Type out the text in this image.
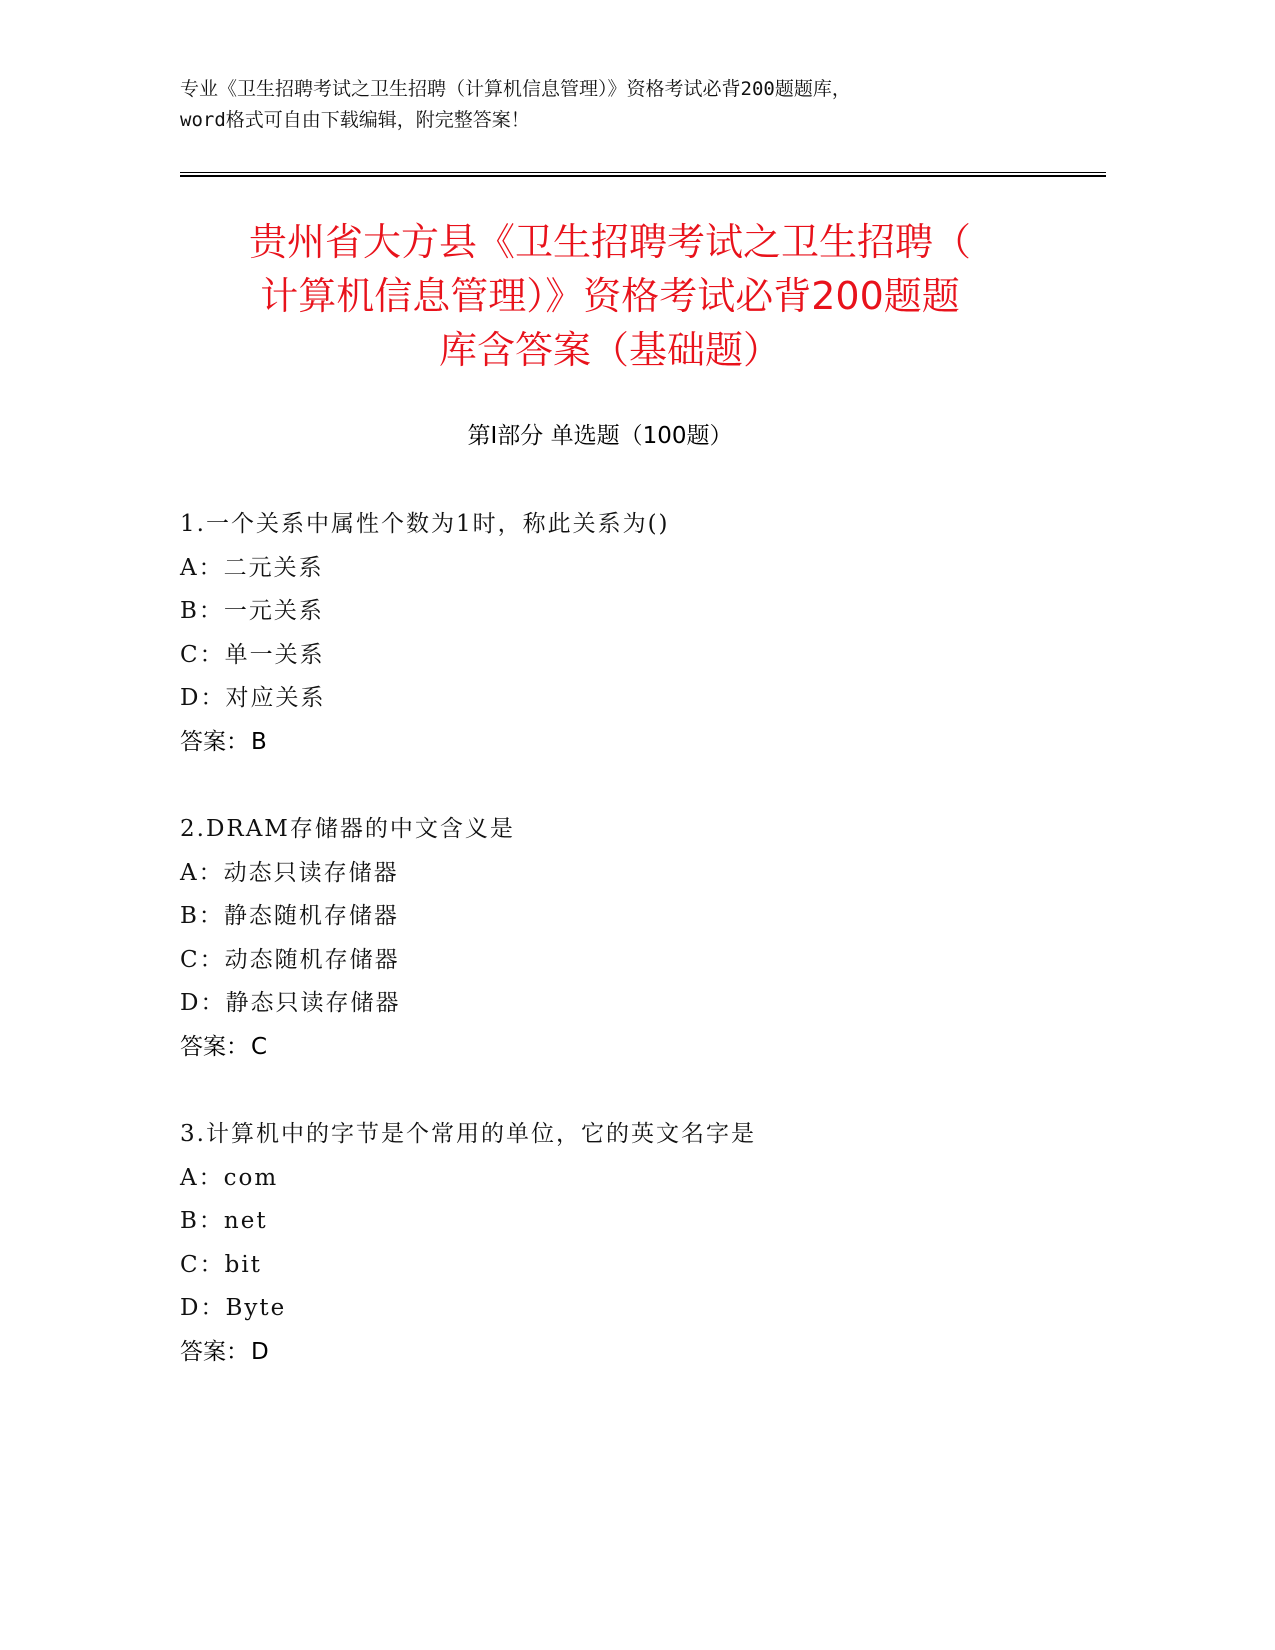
专业《卫生招聘考试之卫生招聘（计算机信息管理）》资格考试必背200题题库，
word格式可自由下载编辑，附完整答案！
贵州省大方县《卫生招聘考试之卫生招聘（
计算机信息管理）》资格考试必背200题题
库含答案（基础题）
第I部分 单选题（100题）
1.一个关系中属性个数为1时，称此关系为()
A：二元关系
B：一元关系
C：单一关系
D：对应关系
答案：B
2.DRAM存储器的中文含义是
A：动态只读存储器
B：静态随机存储器
C：动态随机存储器
D：静态只读存储器
答案：C
3.计算机中的字节是个常用的单位，它的英文名字是
A：com
B：net
C：bit
D：Byte
答案：D
